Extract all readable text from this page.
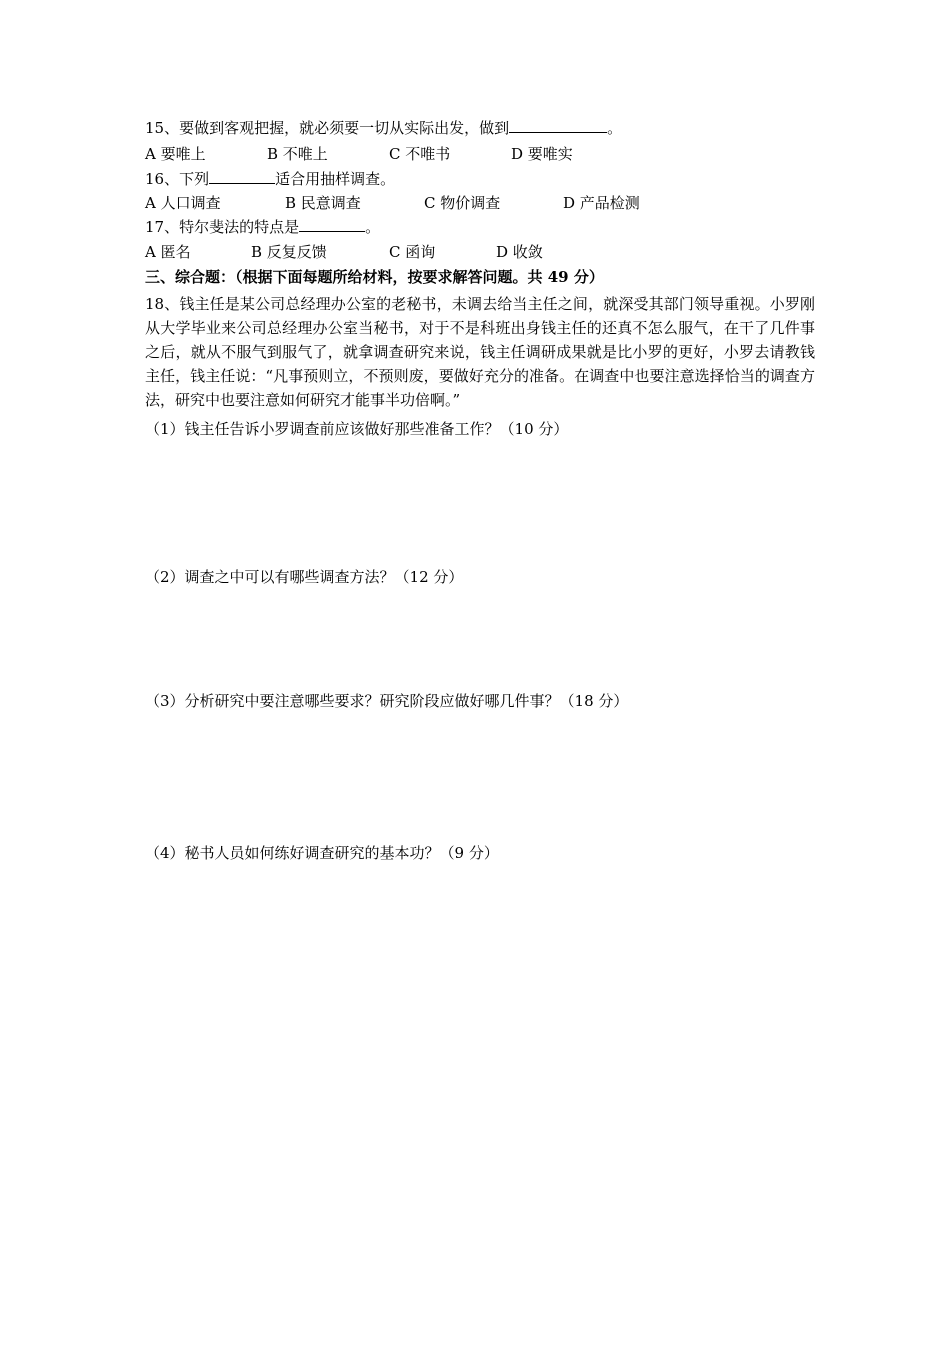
15、要做到客观把握，就必须要一切从实际出发，做到	。
A 要唯上	B 不唯上	C 不唯书	D 要唯实
16、下列	适合用抽样调查。
A 人口调查	B 民意调查	C 物价调查	D 产品检测
17、特尔斐法的特点是	。
A 匿名	B 反复反馈	C 函询	D 收敛
三、综合题：（根据下面每题所给材料，按要求解答问题。共 49 分）
18、钱主任是某公司总经理办公室的老秘书，未调去给当主任之间，就深受其部门领导重视。小罗刚从大学毕业来公司总经理办公室当秘书，对于不是科班出身钱主任的还真不怎么服气，在干了几件事之后，就从不服气到服气了，就拿调查研究来说，钱主任调研成果就是比小罗的更好，小罗去请教钱主任，钱主任说：“凡事预则立，不预则废，要做好充分的准备。在调查中也要注意选择恰当的调查方法，研究中也要注意如何研究才能事半功倍啊。”
（1）钱主任告诉小罗调查前应该做好那些准备工作？（10 分）
（2）调查之中可以有哪些调查方法？（12 分）
（3）分析研究中要注意哪些要求？研究阶段应做好哪几件事？（18 分）
（4）秘书人员如何练好调查研究的基本功？（9 分）
